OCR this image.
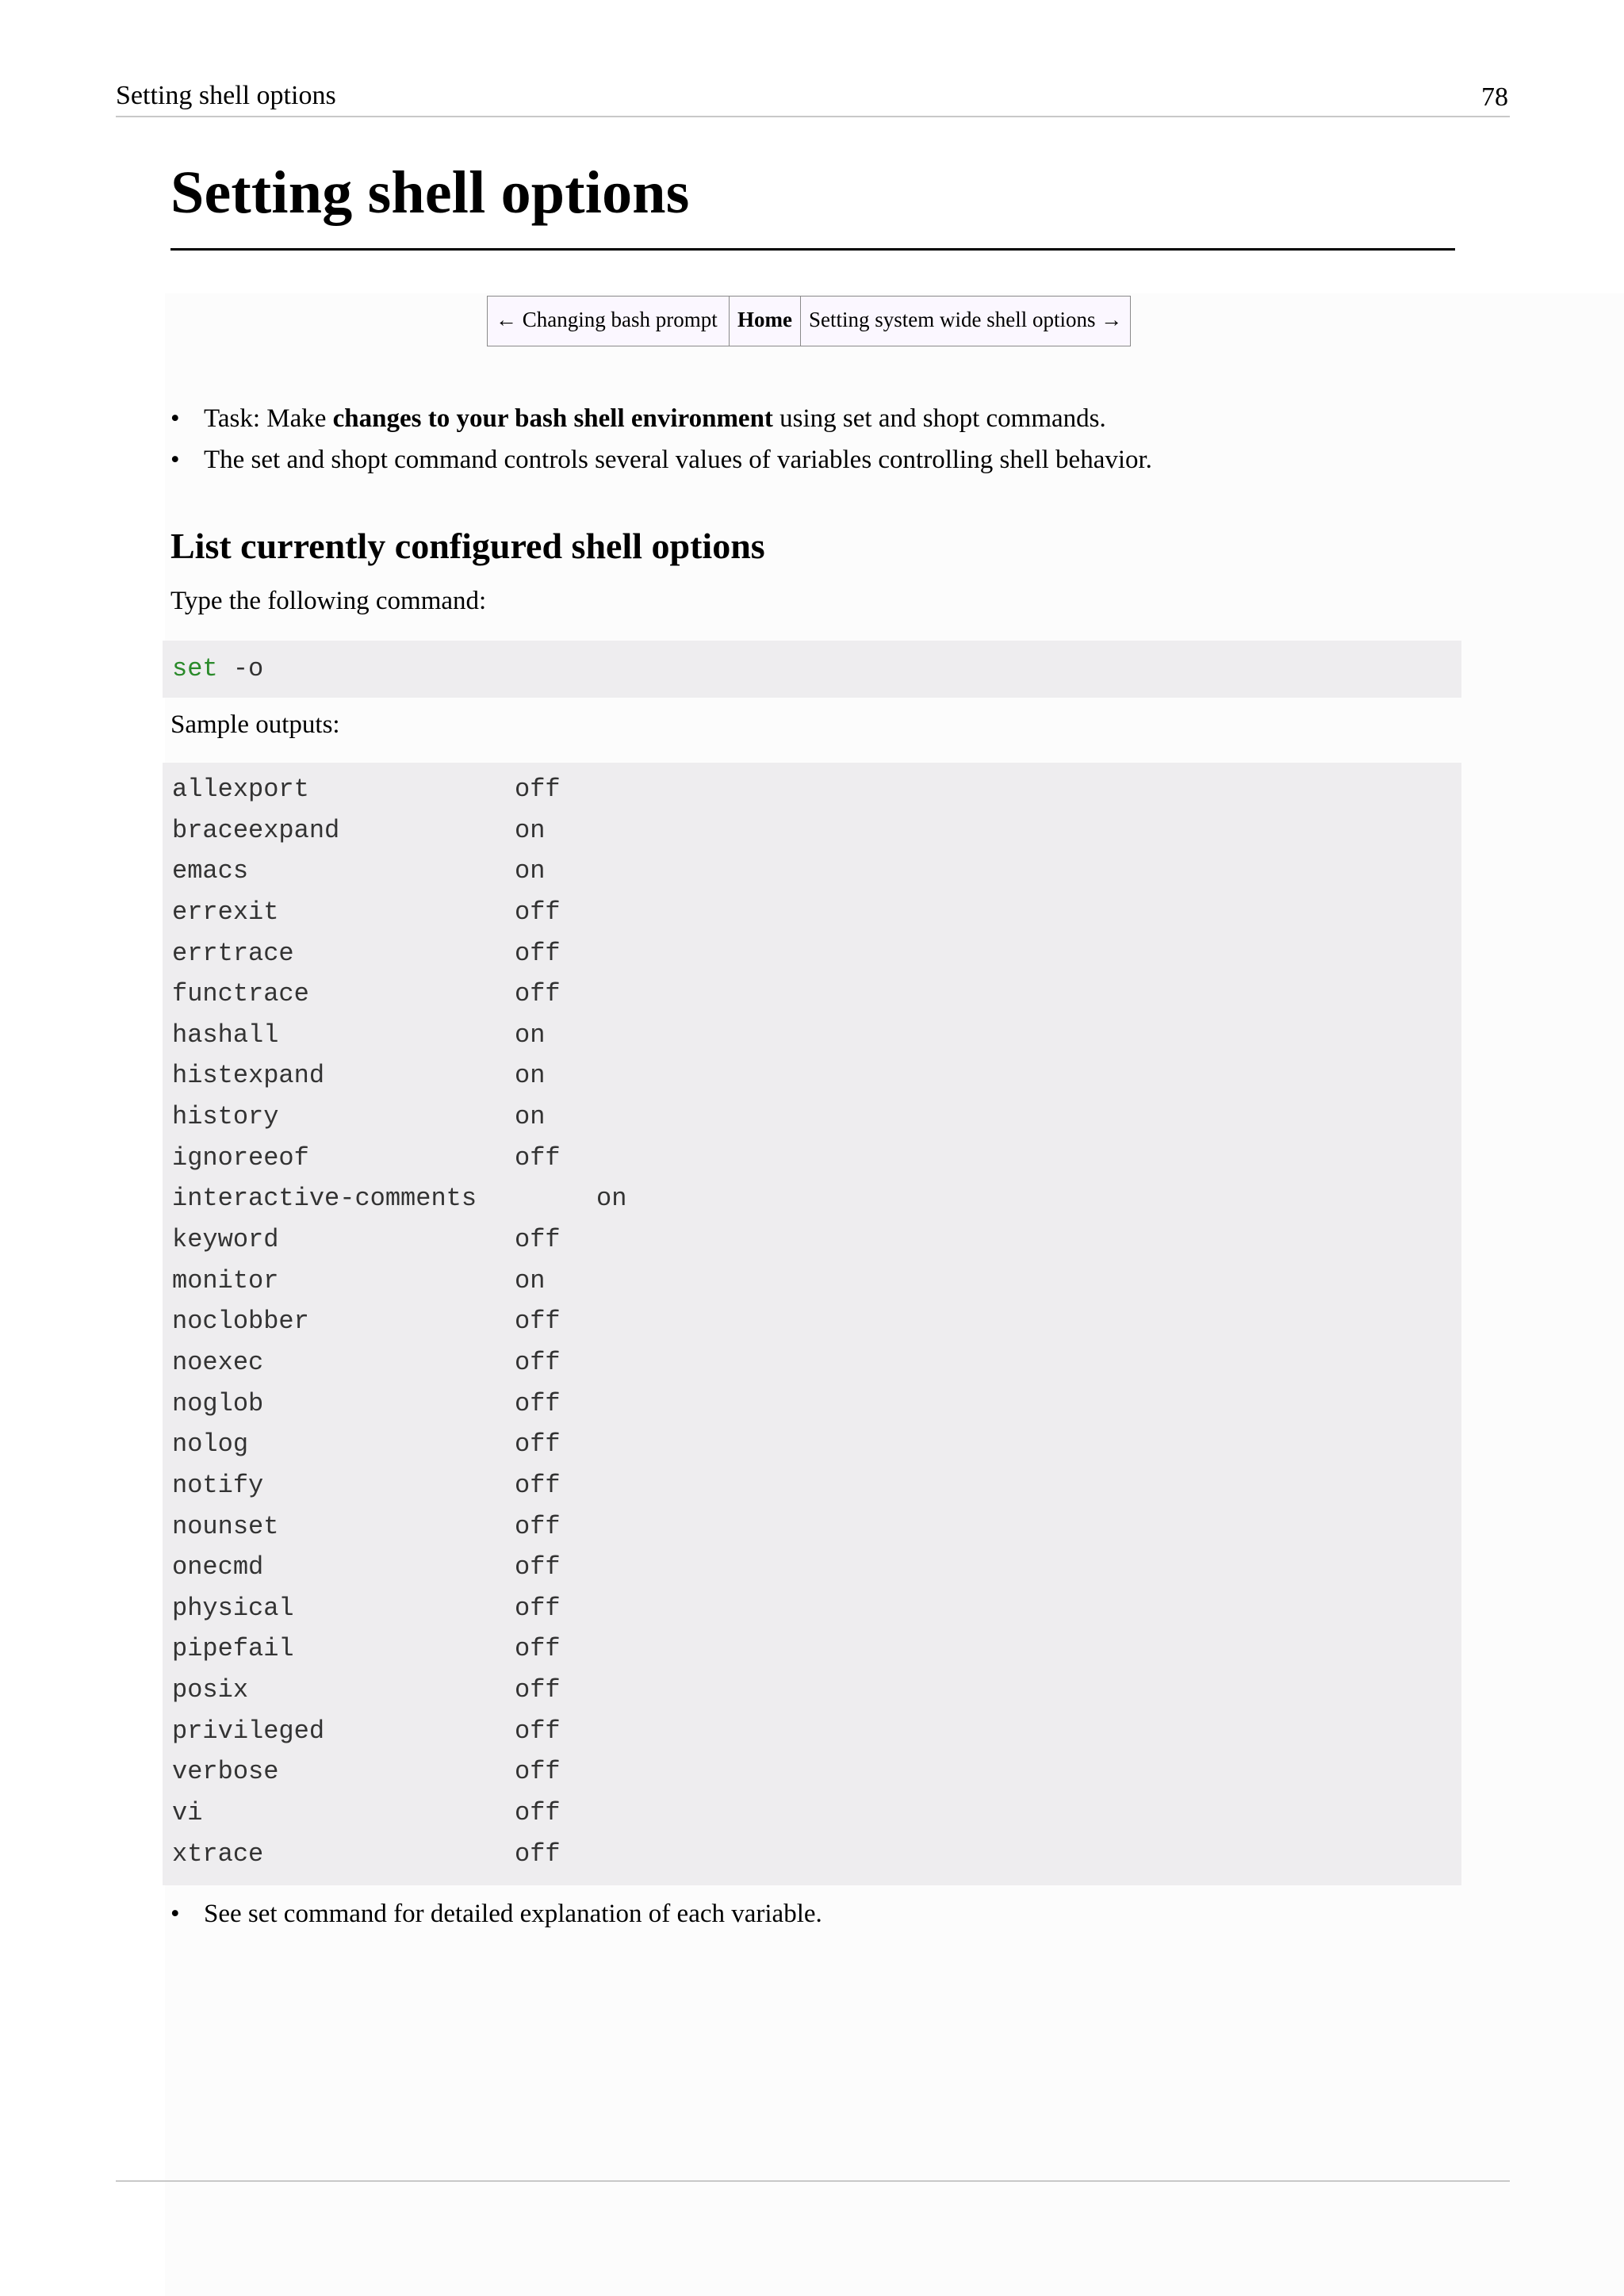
Setting shell options	78
Setting shell options
← Changing bash prompt	Home	Setting system wide shell options →
• Task: Make changes to your bash shell environment using set and shopt commands.
• The set and shopt command controls several values of variables controlling shell behavior.
List currently configured shell options

Type the following command:

set -o

Sample outputs:

allexport	off
braceexpand	on
emacs	on
errexit	off
errtrace	off
functrace	off
hashall	on
histexpand	on
history	on
ignoreeof	off
interactive-comments	on
keyword	off
monitor	on
noclobber	off
noexec	off
noglob	off
nolog	off
notify	off
nounset	off
onecmd	off
physical	off
pipefail	off
posix	off
privileged	off
verbose	off
vi	off
xtrace	off
• See set command for detailed explanation of each variable.
